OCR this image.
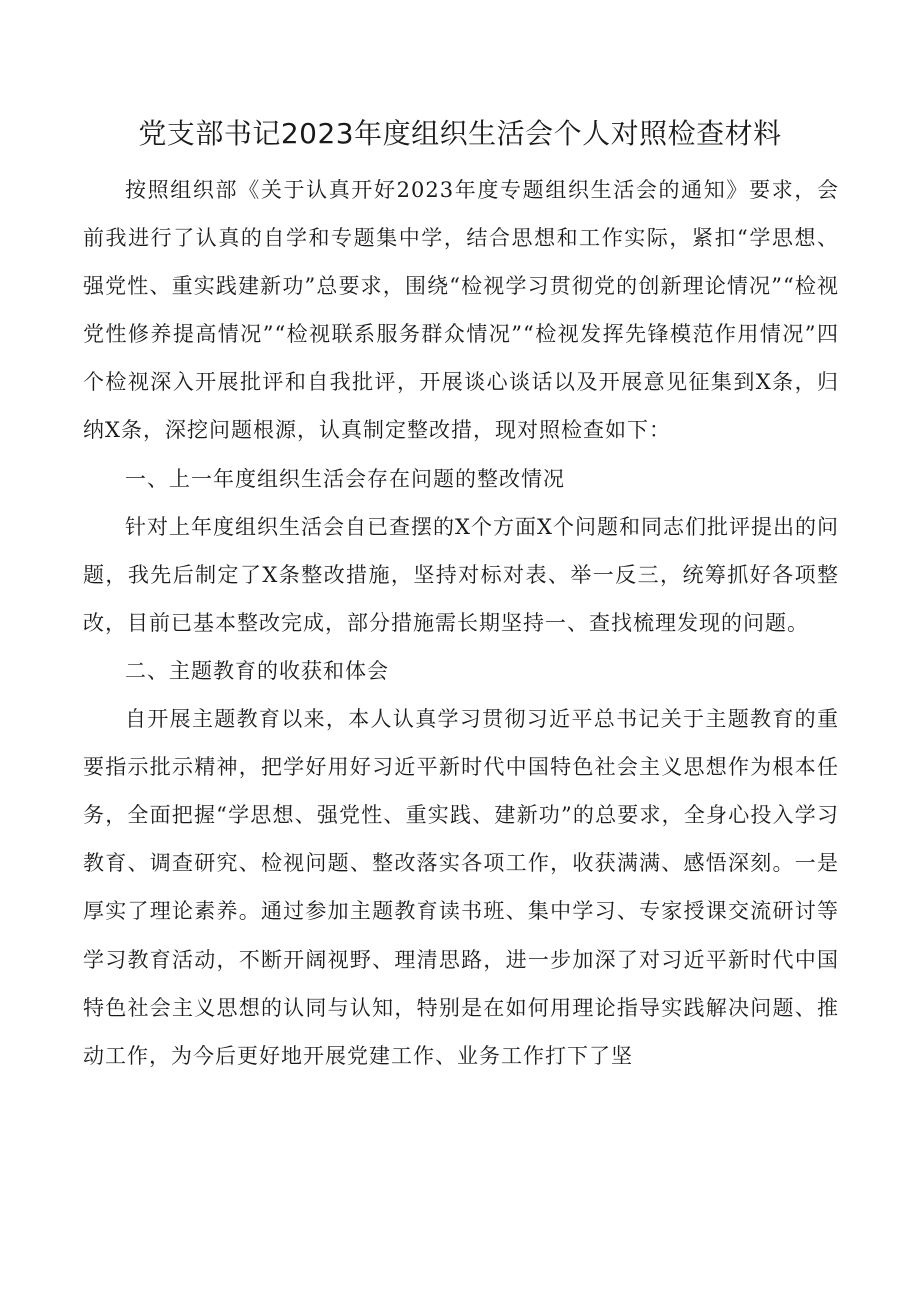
党支部书记2023年度组织生活会个人对照检查材料

按照组织部《关于认真开好2023年度专题组织生活会的通知》要求，会前我进行了认真的自学和专题集中学，结合思想和工作实际，紧扣“学思想、强党性、重实践建新功”总要求，围绕“检视学习贯彻党的创新理论情况”“检视党性修养提高情况”“检视联系服务群众情况”“检视发挥先锋模范作用情况”四个检视深入开展批评和自我批评，开展谈心谈话以及开展意见征集到X条，归纳X条，深挖问题根源，认真制定整改措，现对照检查如下：

一、上一年度组织生活会存在问题的整改情况

针对上年度组织生活会自已查摆的X个方面X个问题和同志们批评提出的问题，我先后制定了X条整改措施，坚持对标对表、举一反三，统筹抓好各项整改，目前已基本整改完成，部分措施需长期坚持一、查找梳理发现的问题。

二、主题教育的收获和体会

自开展主题教育以来，本人认真学习贯彻习近平总书记关于主题教育的重要指示批示精神，把学好用好习近平新时代中国特色社会主义思想作为根本任务，全面把握“学思想、强党性、重实践、建新功”的总要求，全身心投入学习教育、调查研究、检视问题、整改落实各项工作，收获满满、感悟深刻。一是厚实了理论素养。通过参加主题教育读书班、集中学习、专家授课交流研讨等学习教育活动，不断开阔视野、理清思路，进一步加深了对习近平新时代中国特色社会主义思想的认同与认知，特别是在如何用理论指导实践解决问题、推动工作，为今后更好地开展党建工作、业务工作打下了坚
